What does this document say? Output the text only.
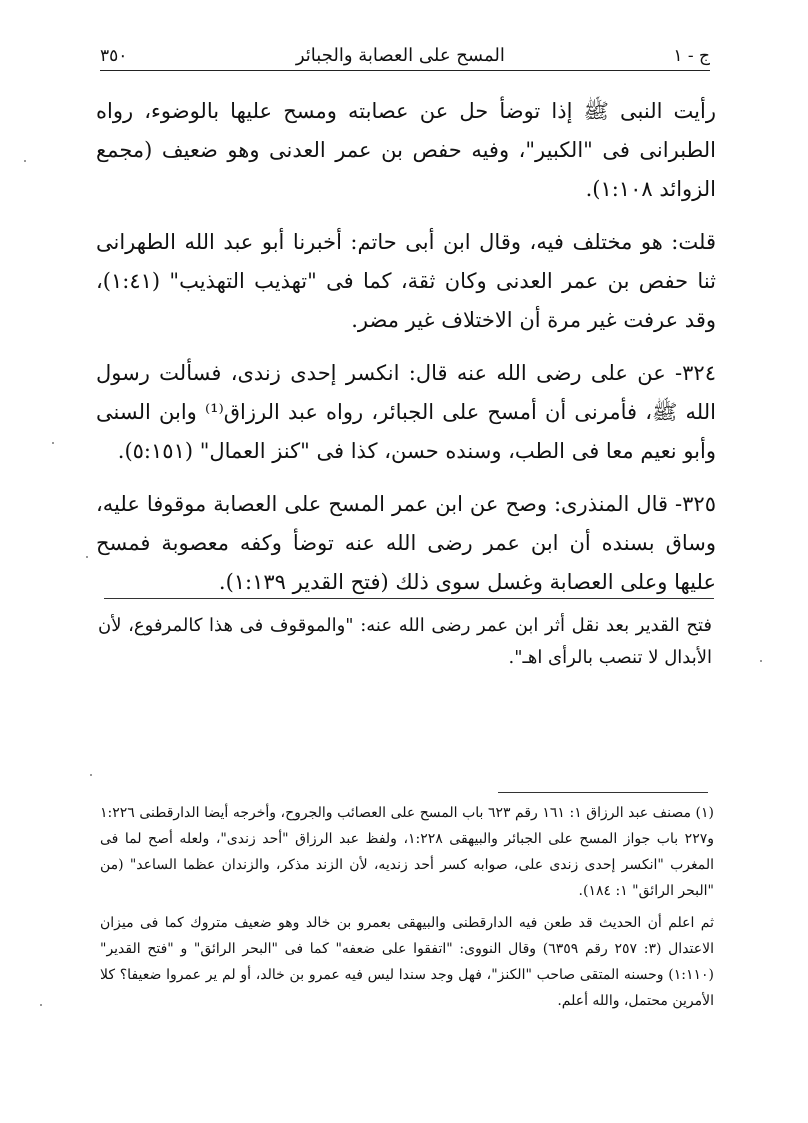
ج - ١
المسح على العصابة والجبائر
٣٥٠

رأيت النبى ﷺ إذا توضأ حل عن عصابته ومسح عليها بالوضوء، رواه الطبرانى فى "الكبير"، وفيه حفص بن عمر العدنى وهو ضعيف (مجمع الزوائد ١:١٠٨).

قلت: هو مختلف فيه، وقال ابن أبى حاتم: أخبرنا أبو عبد الله الطهرانى ثنا حفص بن عمر العدنى وكان ثقة، كما فى "تهذيب التهذيب" (١:٤١)، وقد عرفت غير مرة أن الاختلاف غير مضر.

٣٢٤- عن على رضى الله عنه قال: انكسر إحدى زندى، فسألت رسول الله ﷺ، فأمرنى أن أمسح على الجبائر، رواه عبد الرزاق⁽¹⁾ وابن السنى وأبو نعيم معا فى الطب، وسنده حسن، كذا فى "كنز العمال" (٥:١٥١).

٣٢٥- قال المنذرى: وصح عن ابن عمر المسح على العصابة موقوفا عليه، وساق بسنده أن ابن عمر رضى الله عنه توضأ وكفه معصوبة فمسح عليها وعلى العصابة وغسل سوى ذلك (فتح القدير ١:١٣٩).

فتح القدير بعد نقل أثر ابن عمر رضى الله عنه: "والموقوف فى هذا كالمرفوع، لأن الأبدال لا تنصب بالرأى اهـ".

(١) مصنف عبد الرزاق ١: ١٦١ رقم ٦٢٣ باب المسح على العصائب والجروح، وأخرجه أيضا الدارقطنى ١:٢٢٦ و٢٢٧ باب جواز المسح على الجبائر والبيهقى ١:٢٢٨، ولفظ عبد الرزاق "أحد زندى"، ولعله أصح لما فى المغرب "انكسر إحدى زندى على، صوابه كسر أحد زنديه، لأن الزند مذكر، والزندان عظما الساعد" (من "البحر الرائق" ١: ١٨٤).

ثم اعلم أن الحديث قد طعن فيه الدارقطنى والبيهقى بعمرو بن خالد وهو ضعيف متروك كما فى ميزان الاعتدال (٣: ٢٥٧ رقم ٦٣٥٩) وقال النووى: "اتفقوا على ضعفه" كما فى "البحر الرائق" و "فتح القدير" (١:١١٠) وحسنه المتقى صاحب "الكنز"، فهل وجد سندا ليس فيه عمرو بن خالد، أو لم ير عمروا ضعيفا؟ كلا الأمرين محتمل، والله أعلم.
